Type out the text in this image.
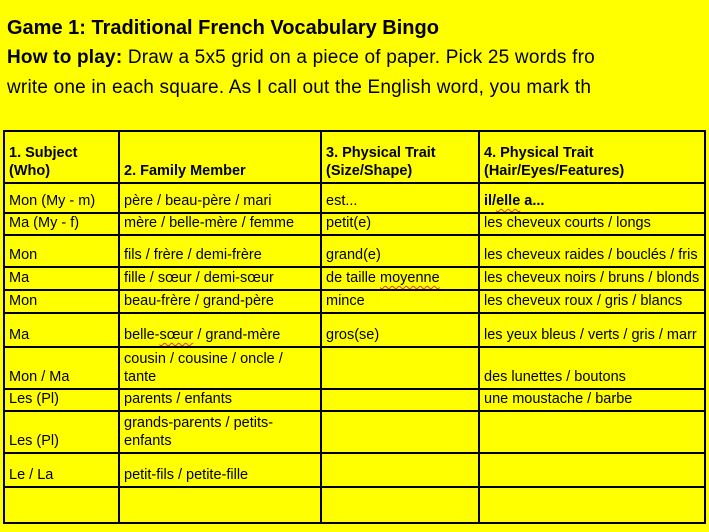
Game 1: Traditional French Vocabulary Bingo
How to play: Draw a 5x5 grid on a piece of paper. Pick 25 words fro
write one in each square. As I call out the English word, you mark th
1. Subject (Who)	2. Family Member	3. Physical Trait (Size/Shape)	4. Physical Trait (Hair/Eyes/Features)
Mon (My - m)	père / beau-père / mari	est...	il/elle a...
Ma (My - f)	mère / belle-mère / femme	petit(e)	les cheveux courts / longs
Mon	fils / frère / demi-frère	grand(e)	les cheveux raides / bouclés / fris
Ma	fille / sœur / demi-sœur	de taille moyenne	les cheveux noirs / bruns / blonds
Mon	beau-frère / grand-père	mince	les cheveux roux / gris / blancs
Ma	belle-sœur / grand-mère	gros(se)	les yeux bleus / verts / gris / marr
Mon / Ma	cousin / cousine / oncle / tante		des lunettes / boutons
Les (Pl)	parents / enfants		une moustache / barbe
Les (Pl)	grands-parents / petits-enfants		
Le / La	petit-fils / petite-fille		
